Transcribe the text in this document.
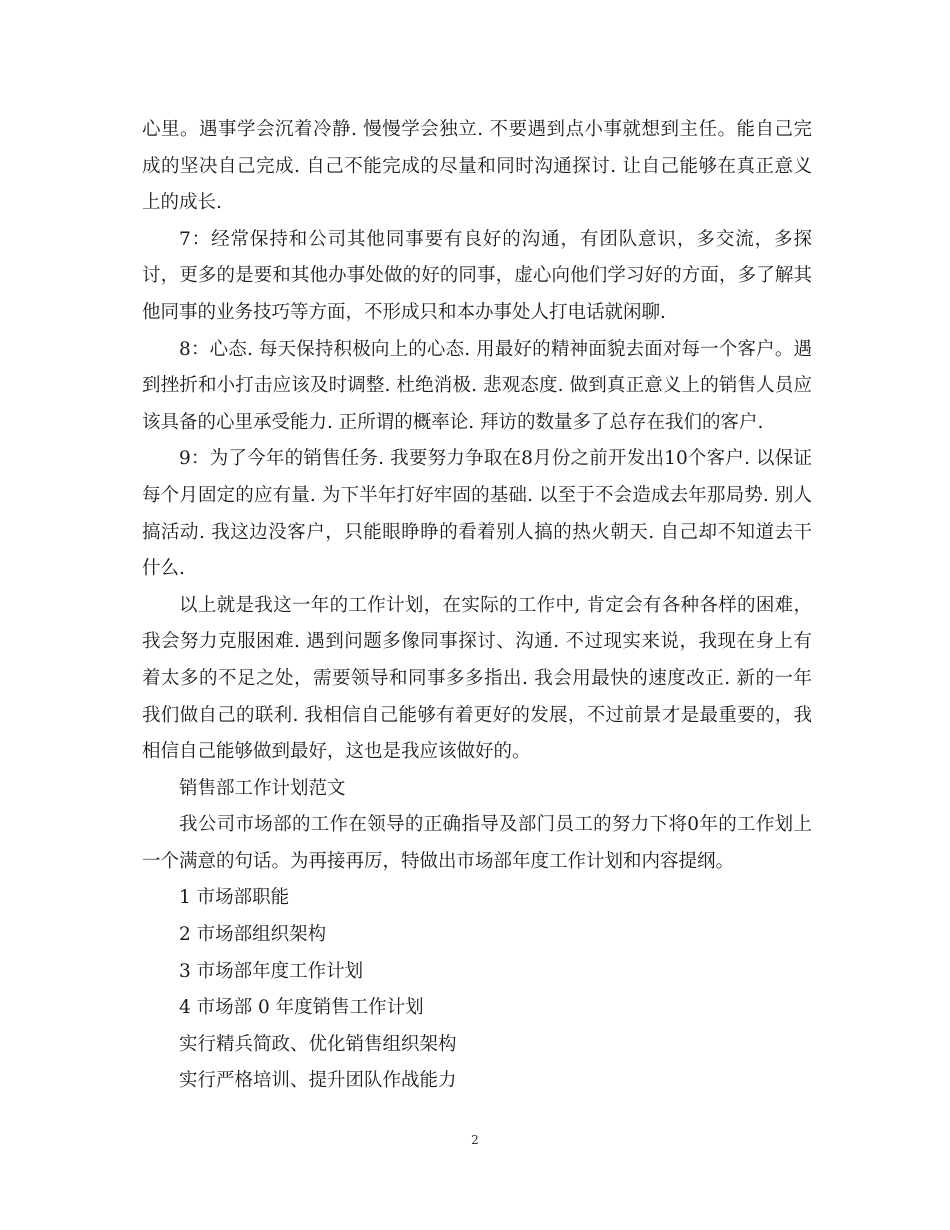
心里。遇事学会沉着冷静. 慢慢学会独立. 不要遇到点小事就想到主任。能自己完成的坚决自己完成. 自己不能完成的尽量和同时沟通探讨. 让自己能够在真正意义上的成长.

7：经常保持和公司其他同事要有良好的沟通，有团队意识，多交流，多探讨，更多的是要和其他办事处做的好的同事，虚心向他们学习好的方面，多了解其他同事的业务技巧等方面，不形成只和本办事处人打电话就闲聊.

8：心态. 每天保持积极向上的心态. 用最好的精神面貌去面对每一个客户。遇到挫折和小打击应该及时调整. 杜绝消极. 悲观态度. 做到真正意义上的销售人员应该具备的心里承受能力. 正所谓的概率论. 拜访的数量多了总存在我们的客户.

9：为了今年的销售任务. 我要努力争取在8月份之前开发出10个客户. 以保证每个月固定的应有量. 为下半年打好牢固的基础. 以至于不会造成去年那局势. 别人搞活动. 我这边没客户，只能眼睁睁的看着别人搞的热火朝天. 自己却不知道去干什么.

以上就是我这一年的工作计划，在实际的工作中, 肯定会有各种各样的困难，我会努力克服困难. 遇到问题多像同事探讨、沟通. 不过现实来说，我现在身上有着太多的不足之处，需要领导和同事多多指出. 我会用最快的速度改正. 新的一年我们做自己的联利. 我相信自己能够有着更好的发展，不过前景才是最重要的，我相信自己能够做到最好，这也是我应该做好的。

销售部工作计划范文

我公司市场部的工作在领导的正确指导及部门员工的努力下将0年的工作划上一个满意的句话。为再接再厉，特做出市场部年度工作计划和内容提纲。

1 市场部职能

2 市场部组织架构

3 市场部年度工作计划

4 市场部 0 年度销售工作计划

实行精兵简政、优化销售组织架构

实行严格培训、提升团队作战能力

2
